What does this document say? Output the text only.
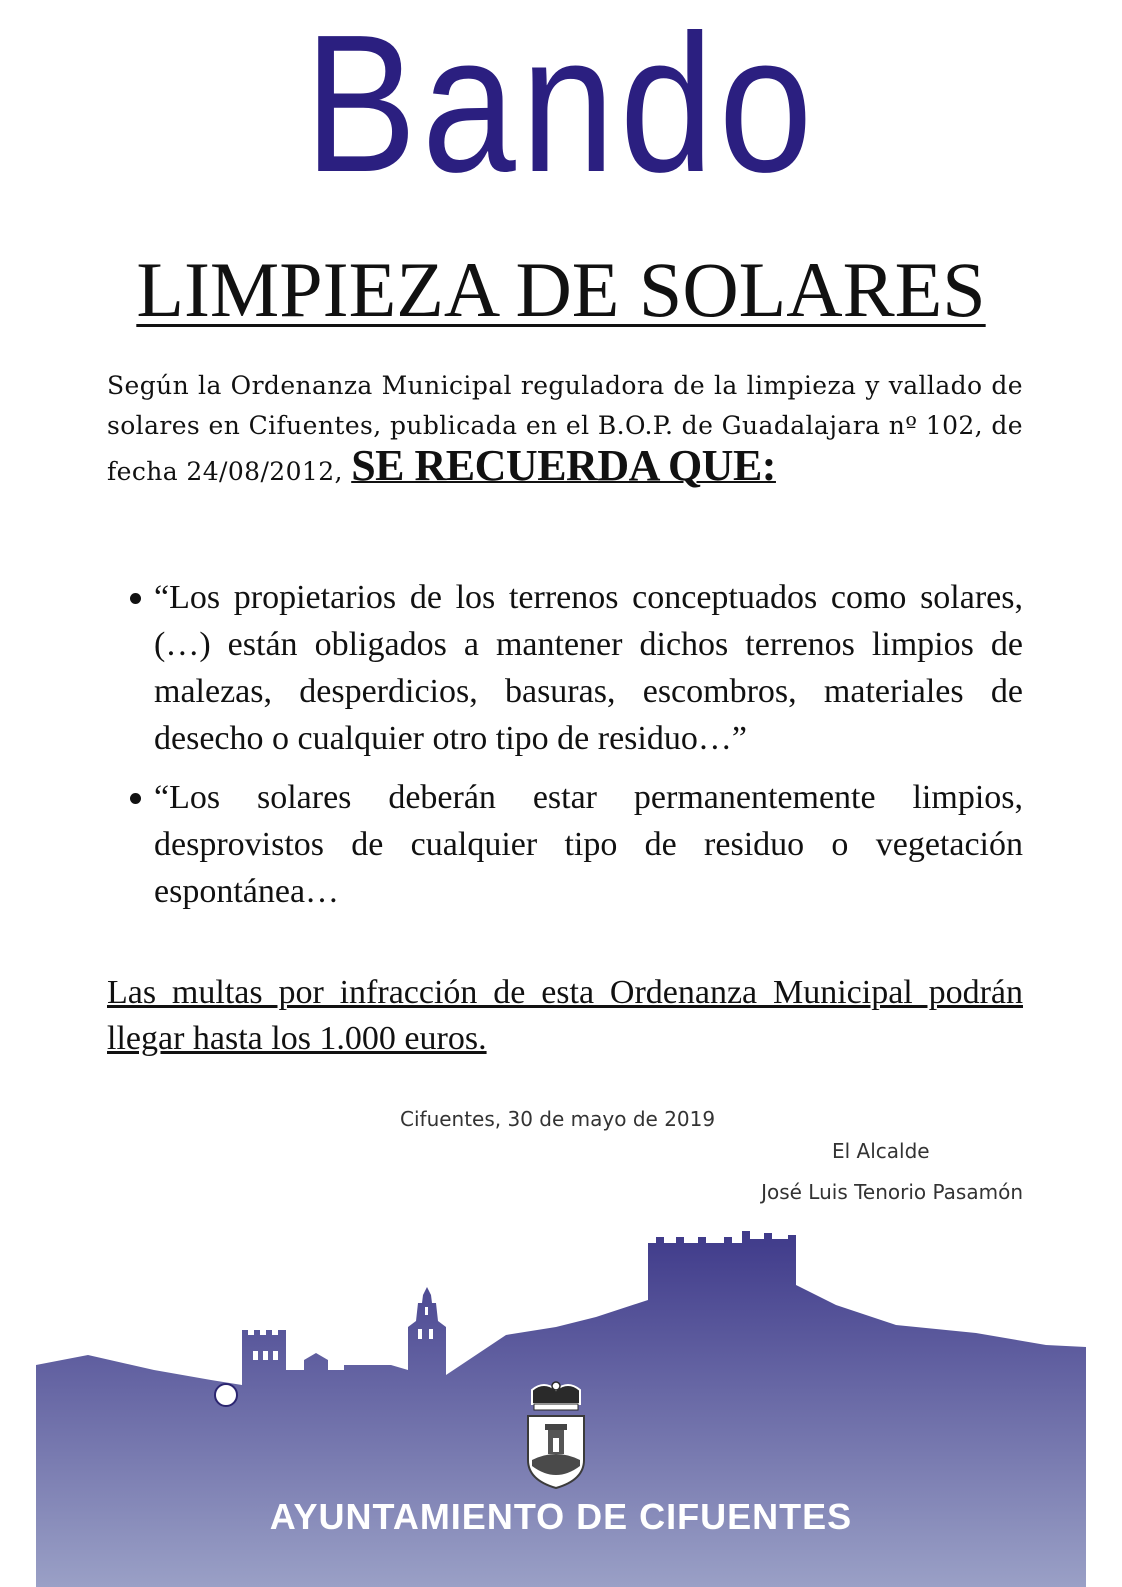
Bando
LIMPIEZA DE SOLARES
Según la Ordenanza Municipal reguladora de la limpieza y vallado de solares en Cifuentes, publicada en el B.O.P. de Guadalajara nº 102, de fecha 24/08/2012, SE RECUERDA QUE:
“Los propietarios de los terrenos conceptuados como solares, (…) están obligados a mantener dichos terrenos limpios de malezas, desperdicios, basuras, escombros, materiales de desecho o cualquier otro tipo de residuo…”
“Los solares deberán estar permanentemente limpios, desprovistos de cualquier tipo de residuo o vegetación espontánea…
Las multas por infracción de esta Ordenanza Municipal podrán llegar hasta los 1.000 euros.
Cifuentes, 30 de mayo de 2019
El Alcalde
José Luis Tenorio Pasamón
AYUNTAMIENTO DE CIFUENTES
